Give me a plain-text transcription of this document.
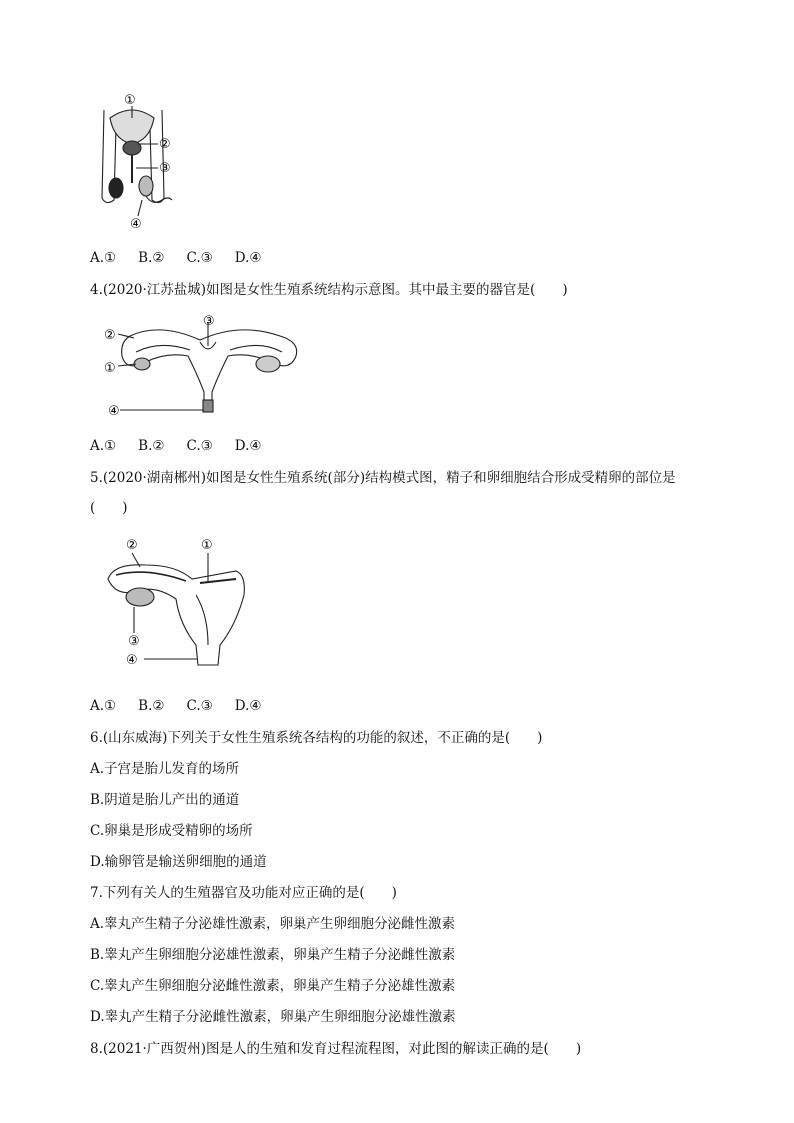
①
②
③
④
A.① B.② C.③ D.④
4.(2020·江苏盐城)如图是女性生殖系统结构示意图。其中最主要的器官是(　　)
②
③
①
④
A.① B.② C.③ D.④
5.(2020·湖南郴州)如图是女性生殖系统(部分)结构模式图，精子和卵细胞结合形成受精卵的部位是
(　　)
②	①
③
④
A.① B.② C.③ D.④
6.(山东威海)下列关于女性生殖系统各结构的功能的叙述，不正确的是(　　)
A.子宫是胎儿发育的场所
B.阴道是胎儿产出的通道
C.卵巢是形成受精卵的场所
D.输卵管是输送卵细胞的通道
7.下列有关人的生殖器官及功能对应正确的是(　　)
A.睾丸产生精子分泌雄性激素，卵巢产生卵细胞分泌雌性激素
B.睾丸产生卵细胞分泌雄性激素，卵巢产生精子分泌雌性激素
C.睾丸产生卵细胞分泌雌性激素，卵巢产生精子分泌雄性激素
D.睾丸产生精子分泌雌性激素，卵巢产生卵细胞分泌雄性激素
8.(2021·广西贺州)图是人的生殖和发育过程流程图，对此图的解读正确的是(　　)
